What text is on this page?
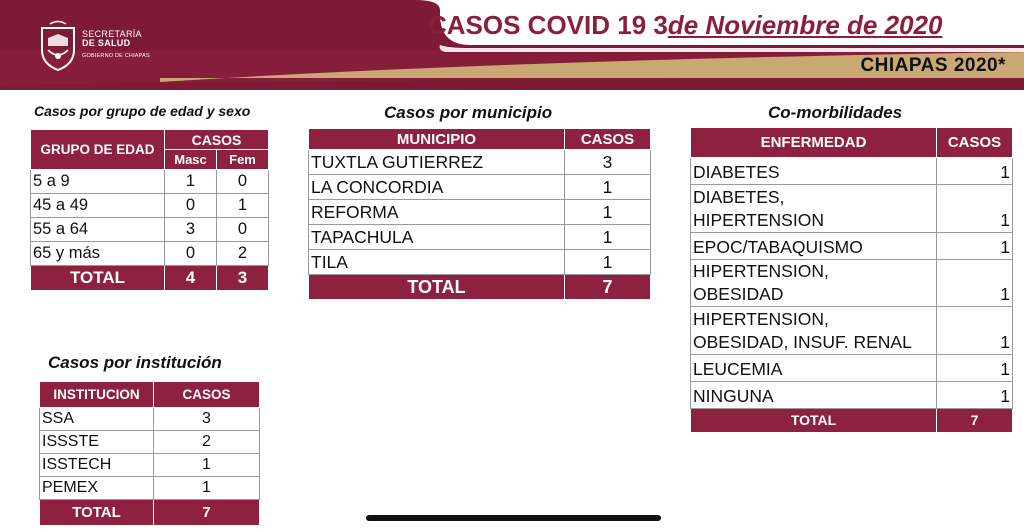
SECRETARÍA
DE SALUD
GOBIERNO DE CHIAPAS
CASOS COVID 19 3de Noviembre de 2020
CHIAPAS 2020*
Casos por grupo de edad y sexo
GRUPO DE EDAD	CASOS	
	Masc	Fem
5 a 9	1	0
45 a 49	0	1
55 a 64	3	0
65 y más	0	2
TOTAL	4	3
Casos por municipio
MUNICIPIO	CASOS
TUXTLA GUTIERREZ	3
LA CONCORDIA	1
REFORMA	1
TAPACHULA	1
TILA	1
TOTAL	7
Co-morbilidades
ENFERMEDAD	CASOS

DIABETES	1

DIABETES,
HIPERTENSION	1

EPOC/TABAQUISMO	1

HIPERTENSION,
OBESIDAD	1

HIPERTENSION,
OBESIDAD, INSUF. RENAL	1

LEUCEMIA	1

NINGUNA	1
TOTAL	7
Casos por institución
INSTITUCION	CASOS
SSA	3
ISSSTE	2
ISSTECH	1
PEMEX	1
TOTAL	7
